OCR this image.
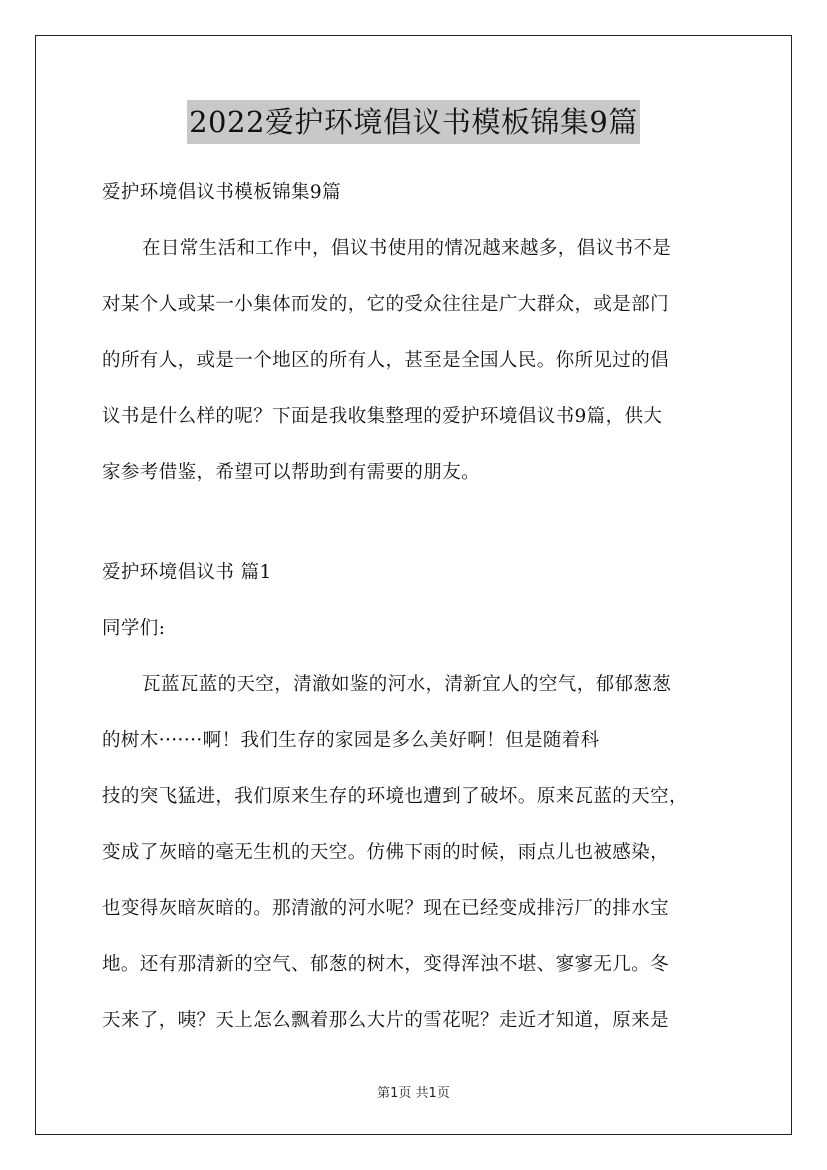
2022爱护环境倡议书模板锦集9篇
爱护环境倡议书模板锦集9篇
在日常生活和工作中，倡议书使用的情况越来越多，倡议书不是
对某个人或某一小集体而发的，它的受众往往是广大群众，或是部门
的所有人，或是一个地区的所有人，甚至是全国人民。你所见过的倡
议书是什么样的呢？下面是我收集整理的爱护环境倡议书9篇，供大
家参考借鉴，希望可以帮助到有需要的朋友。
爱护环境倡议书 篇1
同学们:
瓦蓝瓦蓝的天空，清澈如鉴的河水，清新宜人的空气，郁郁葱葱
的树木·······啊！我们生存的家园是多么美好啊！但是随着科
技的突飞猛进，我们原来生存的环境也遭到了破坏。原来瓦蓝的天空，
变成了灰暗的毫无生机的天空。仿佛下雨的时候，雨点儿也被感染，
也变得灰暗灰暗的。那清澈的河水呢？现在已经变成排污厂的排水宝
地。还有那清新的空气、郁葱的树木，变得浑浊不堪、寥寥无几。冬
天来了，咦？天上怎么飘着那么大片的雪花呢？走近才知道，原来是
第1页 共1页
